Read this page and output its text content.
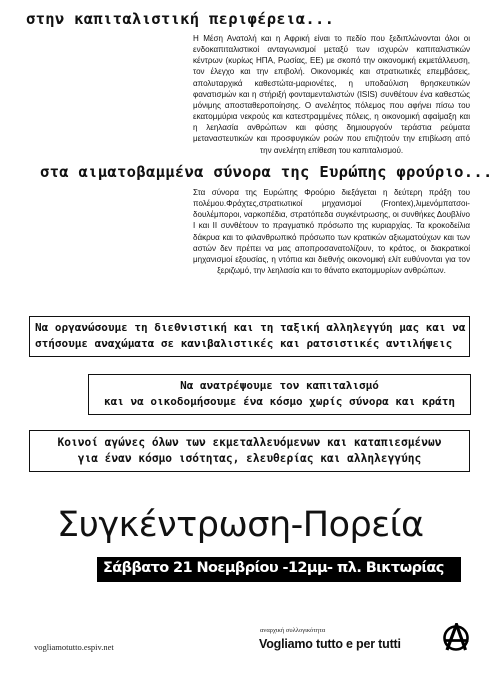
στην καπιταλιστική περιφέρεια...
Η Μέση Ανατολή και η Αφρική είναι το πεδίο που ξεδιπλώνονται όλοι οι ενδοκαπιταλιστικοί ανταγωνισμοί μεταξύ των ισχυρών καπιταλιστικών κέντρων (κυρίως ΗΠΑ, Ρωσίας, ΕΕ) με σκοπό την οικονομική εκμετάλλευση, τον έλεγχο και την επιβολή. Οικονομικές και στρατιωτικές επεμβάσεις, απολυταρχικά καθεστώτα-μαριονέτες, η υποδαύλιση θρησκευτικών φανατισμών και η στήριξή φονταμενταλιστών (ISIS) συνθέτουν ένα καθεστώς μόνιμης αποσταθεροποίησης. Ο ανελέητος πόλεμος που αφήνει πίσω του εκατομμύρια νεκρούς και κατεστραμμένες πόλεις, η οικονομική αφαίμαξη και η λεηλασία ανθρώπων και φύσης δημιουργούν τεράστια ρεύματα μεταναστευτικών και προσφυγικών ροών που επιζητούν την επιβίωση από την ανελέητη επίθεση του καπιταλισμού.
στα αιματοβαμμένα σύνορα της Ευρώπης φρούριο...
Στα σύνορα της Ευρώπης Φρούριο διεξάγεται η δεύτερη πράξη του πολέμου.Φράχτες,στρατιωτικοί μηχανισμοί (Frontex),λιμενόμπατσοι-δουλέμποροι, ναρκοπέδια, στρατόπεδα συγκέντρωσης, οι συνθήκες Δουβλίνο Ι και ΙΙ συνθέτουν το πραγματικό πρόσωπο της κυριαρχίας. Τα κροκοδείλια δάκρυα και το φιλανθρωπικό πρόσωπο των κρατικών αξιωματούχων και των αστών δεν πρέπει να μας αποπροσανατολίζουν, το κράτος, οι διακρατικοί μηχανισμοί εξουσίας, η ντόπια και διεθνής οικονομική ελίτ ευθύνονται για τον ξεριζωμό, την λεηλασία και το θάνατο εκατομμυρίων ανθρώπων.
Να οργανώσουμε τη διεθνιστική και τη ταξική αλληλεγγύη μας και να
στήσουμε αναχώματα σε κανιβαλιστικές και ρατσιστικές αντιλήψεις
Να ανατρέψουμε τον καπιταλισμό
και να οικοδομήσουμε ένα κόσμο χωρίς σύνορα και κράτη
Κοινοί αγώνες όλων των εκμεταλλευόμενων και καταπιεσμένων
για έναν κόσμο ισότητας, ελευθερίας και αλληλεγγύης
Συγκέντρωση-Πορεία
Σάββατο 21 Νοεμβρίου -12μμ- πλ. Βικτωρίας
vogliamotutto.espiv.net
αναρχική συλλογικότητα
Vogliamo tutto e per tutti
